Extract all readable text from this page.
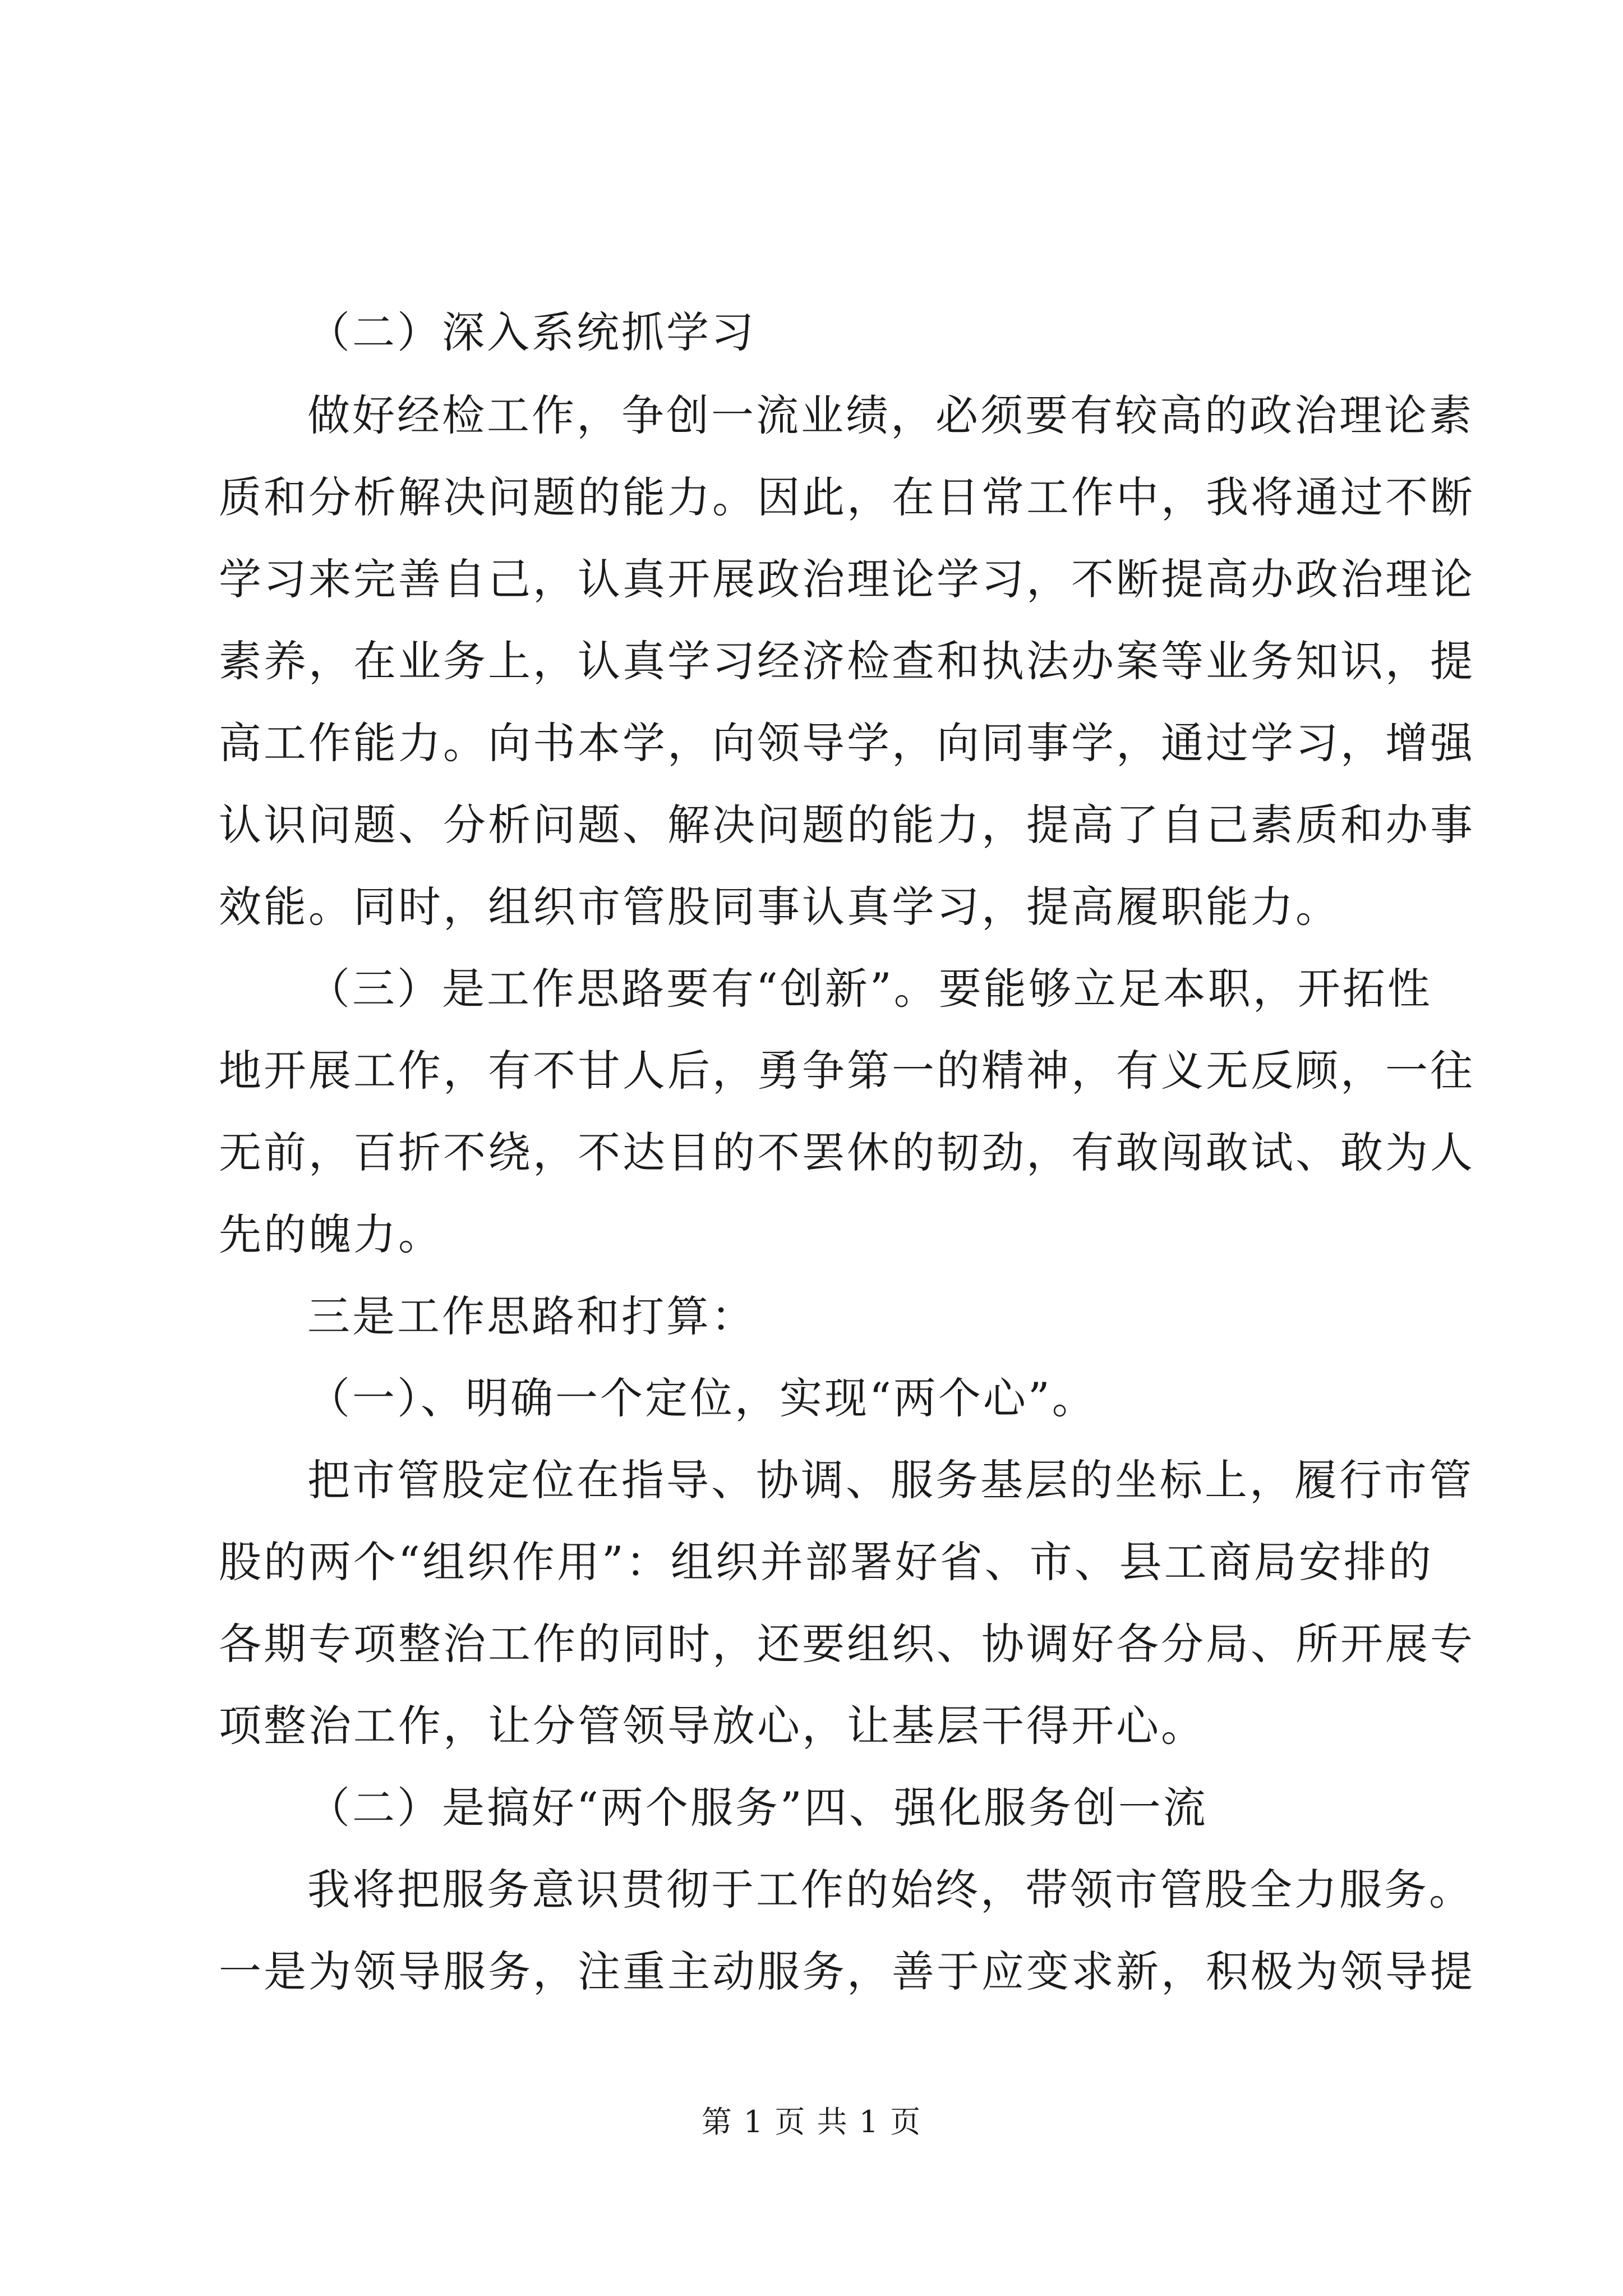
（二）深入系统抓学习
做好经检工作，争创一流业绩，必须要有较高的政治理论素
质和分析解决问题的能力。因此，在日常工作中，我将通过不断
学习来完善自己，认真开展政治理论学习，不断提高办政治理论
素养，在业务上，认真学习经济检查和执法办案等业务知识，提
高工作能力。向书本学，向领导学，向同事学，通过学习，增强
认识问题、分析问题、解决问题的能力，提高了自己素质和办事
效能。同时，组织市管股同事认真学习，提高履职能力。
（三）是工作思路要有“创新”。要能够立足本职，开拓性
地开展工作，有不甘人后，勇争第一的精神，有义无反顾，一往
无前，百折不绕，不达目的不罢休的韧劲，有敢闯敢试、敢为人
先的魄力。
三是工作思路和打算：
（一）、明确一个定位，实现“两个心”。
把市管股定位在指导、协调、服务基层的坐标上，履行市管
股的两个“组织作用”：组织并部署好省、市、县工商局安排的
各期专项整治工作的同时，还要组织、协调好各分局、所开展专
项整治工作，让分管领导放心，让基层干得开心。
（二）是搞好“两个服务”四、强化服务创一流
我将把服务意识贯彻于工作的始终，带领市管股全力服务。
一是为领导服务，注重主动服务，善于应变求新，积极为领导提
第 1 页 共 1 页
